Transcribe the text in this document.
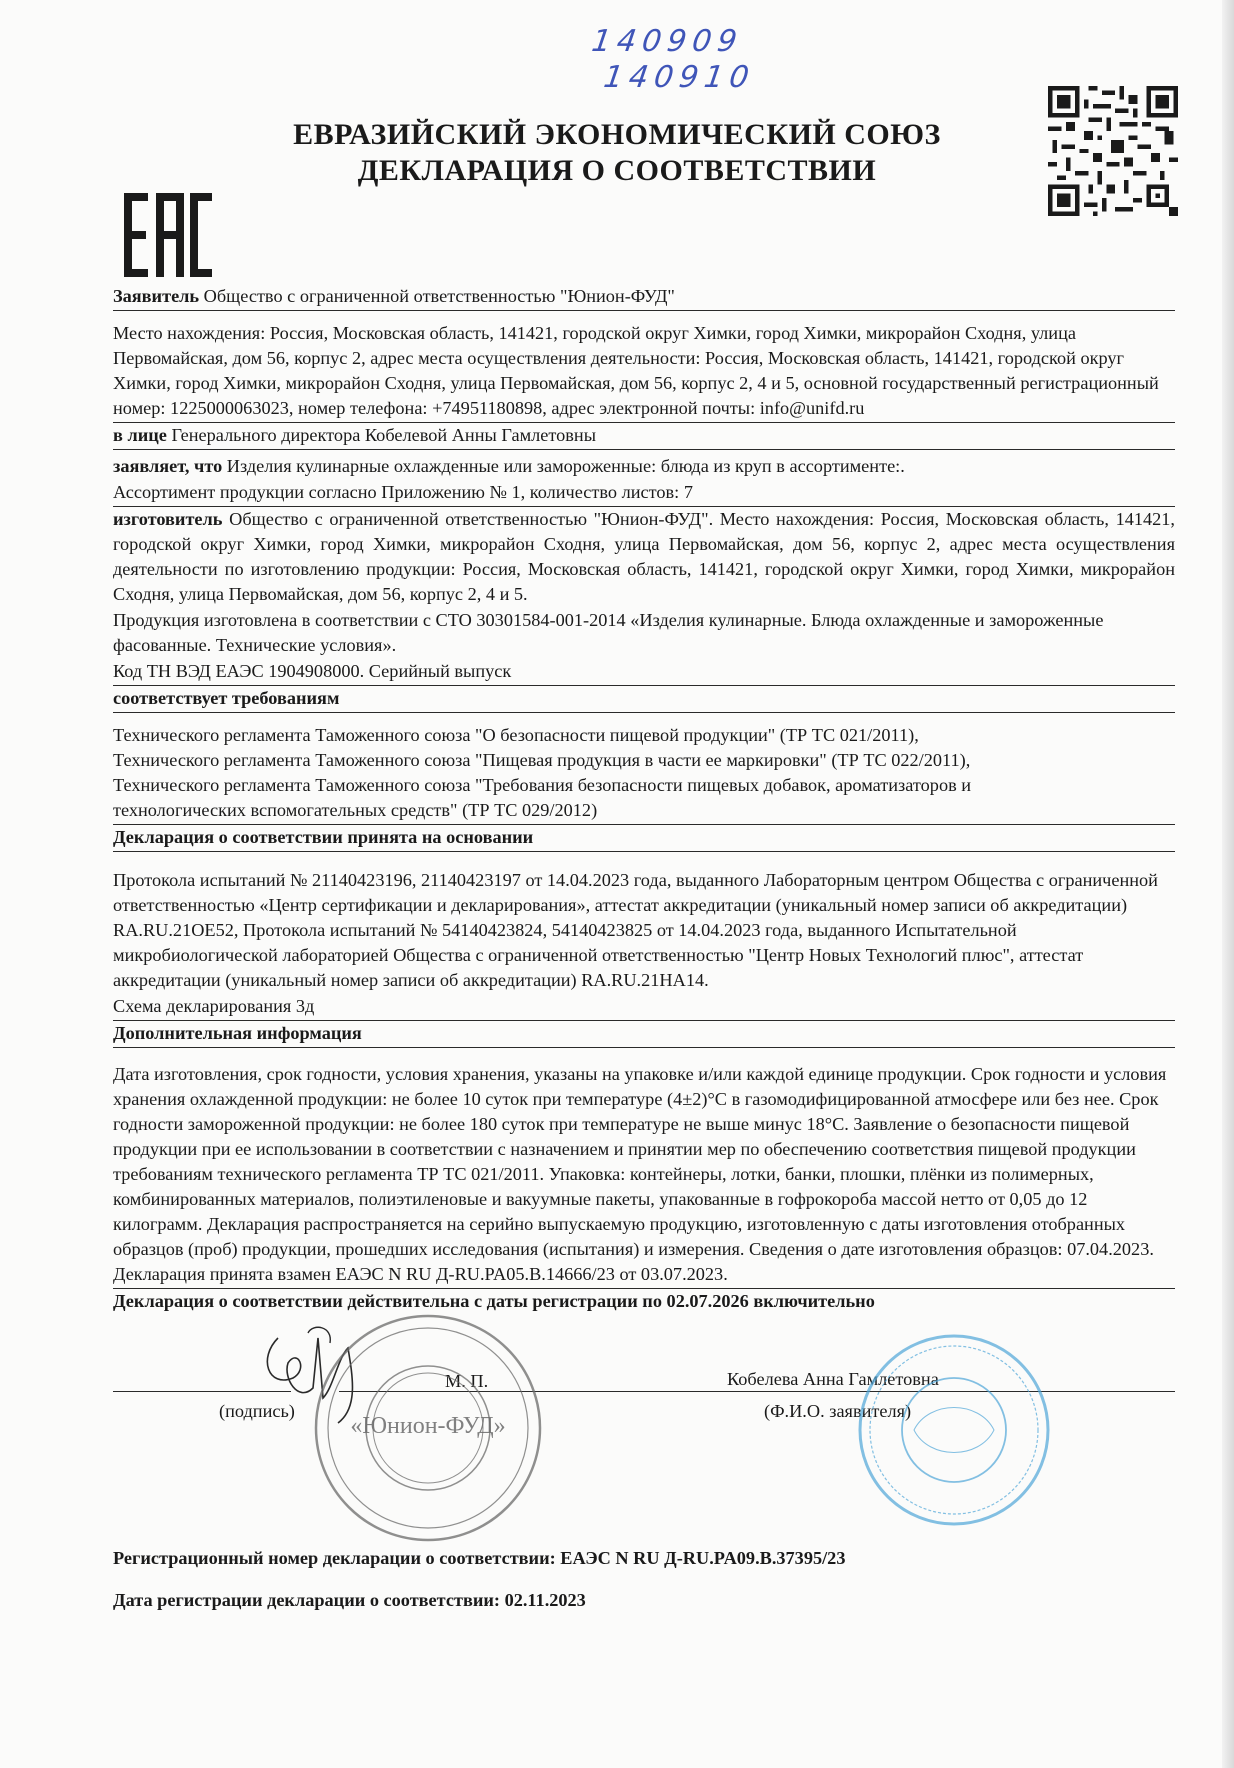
140909
140910
ЕВРАЗИЙСКИЙ ЭКОНОМИЧЕСКИЙ СОЮЗ
ДЕКЛАРАЦИЯ О СООТВЕТСТВИИ
Заявитель Общество с ограниченной ответственностью "Юнион-ФУД"
Место нахождения: Россия, Московская область, 141421, городской округ Химки, город Химки, микрорайон Сходня, улица Первомайская, дом 56, корпус 2, адрес места осуществления деятельности: Россия, Московская область, 141421, городской округ Химки, город Химки, микрорайон Сходня, улица Первомайская, дом 56, корпус 2, 4 и 5, основной государственный регистрационный номер: 1225000063023, номер телефона: +74951180898, адрес электронной почты: info@unifd.ru
в лице Генерального директора Кобелевой Анны Гамлетовны
заявляет, что Изделия кулинарные охлажденные или замороженные: блюда из круп в ассортименте:.
Ассортимент продукции согласно Приложению № 1, количество листов: 7
изготовитель Общество с ограниченной ответственностью "Юнион-ФУД". Место нахождения: Россия, Московская область, 141421, городской округ Химки, город Химки, микрорайон Сходня, улица Первомайская, дом 56, корпус 2, адрес места осуществления деятельности по изготовлению продукции: Россия, Московская область, 141421, городской округ Химки, город Химки, микрорайон Сходня, улица Первомайская, дом 56, корпус 2, 4 и 5.
Продукция изготовлена в соответствии с СТО 30301584-001-2014 «Изделия кулинарные. Блюда охлажденные и замороженные фасованные. Технические условия».
Код ТН ВЭД ЕАЭС 1904908000. Серийный выпуск
соответствует требованиям
Технического регламента Таможенного союза "О безопасности пищевой продукции" (ТР ТС 021/2011),
Технического регламента Таможенного союза "Пищевая продукция в части ее маркировки" (ТР ТС 022/2011),
Технического регламента Таможенного союза "Требования безопасности пищевых добавок, ароматизаторов и
технологических вспомогательных средств" (ТР ТС 029/2012)
Декларация о соответствии принята на основании
Протокола испытаний № 21140423196, 21140423197 от 14.04.2023 года, выданного Лабораторным центром Общества с ограниченной ответственностью «Центр сертификации и декларирования», аттестат аккредитации (уникальный номер записи об аккредитации) RA.RU.21OE52, Протокола испытаний № 54140423824, 54140423825 от 14.04.2023 года, выданного Испытательной микробиологической лабораторией Общества с ограниченной ответственностью "Центр Новых Технологий плюс", аттестат аккредитации (уникальный номер записи об аккредитации) RA.RU.21HA14.
Схема декларирования 3д
Дополнительная информация
Дата изготовления, срок годности, условия хранения, указаны на упаковке и/или каждой единице продукции. Срок годности и условия хранения охлажденной продукции: не более 10 суток при температуре (4±2)°С в газомодифицированной атмосфере или без нее. Срок годности замороженной продукции: не более 180 суток при температуре не выше минус 18°С. Заявление о безопасности пищевой продукции при ее использовании в соответствии с назначением и принятии мер по обеспечению соответствия пищевой продукции требованиям технического регламента ТР ТС 021/2011. Упаковка: контейнеры, лотки, банки, плошки, плёнки из полимерных, комбинированных материалов, полиэтиленовые и вакуумные пакеты, упакованные в гофрокороба массой нетто от 0,05 до 12 килограмм. Декларация распространяется на серийно выпускаемую продукцию, изготовленную с даты изготовления отобранных образцов (проб) продукции, прошедших исследования (испытания) и измерения. Сведения о дате изготовления образцов: 07.04.2023. Декларация принята взамен ЕАЭС N RU Д-RU.PA05.B.14666/23 от 03.07.2023.
Декларация о соответствии действительна с даты регистрации по 02.07.2026 включительно
М. П.
(подпись)
Кобелева Анна Гамлетовна
(Ф.И.О. заявителя)
«Юнион-ФУД»
Регистрационный номер декларации о соответствии: ЕАЭС N RU Д-RU.PA09.B.37395/23
Дата регистрации декларации о соответствии: 02.11.2023
